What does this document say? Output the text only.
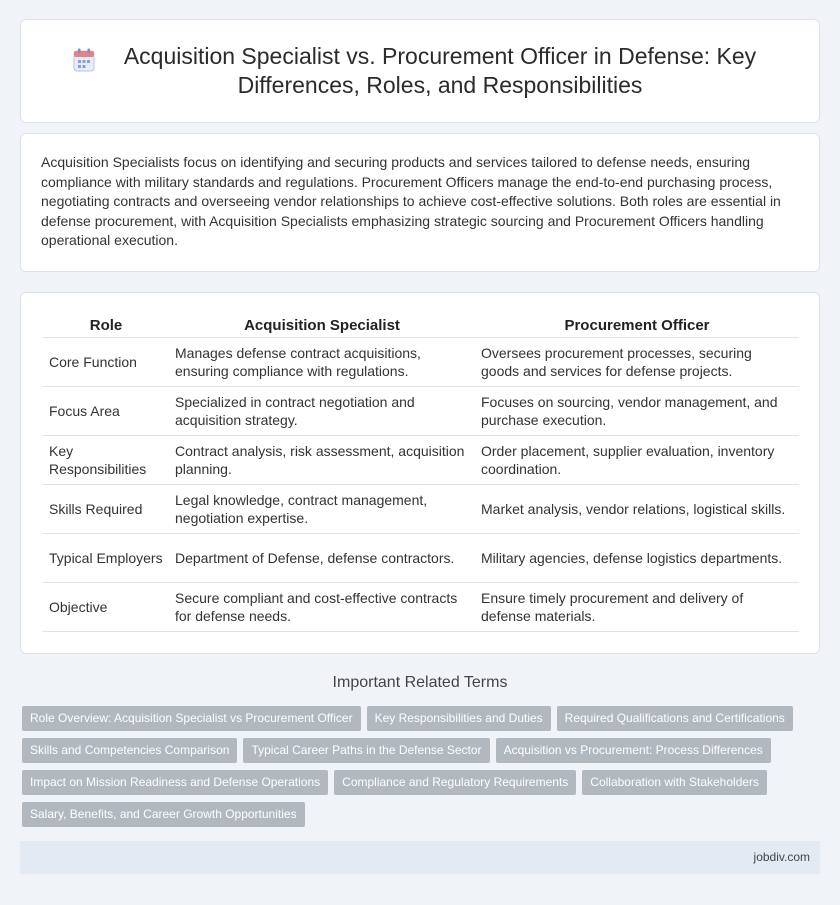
Acquisition Specialist vs. Procurement Officer in Defense: Key Differences, Roles, and Responsibilities

Acquisition Specialists focus on identifying and securing products and services tailored to defense needs, ensuring compliance with military standards and regulations. Procurement Officers manage the end-to-end purchasing process, negotiating contracts and overseeing vendor relationships to achieve cost-effective solutions. Both roles are essential in defense procurement, with Acquisition Specialists emphasizing strategic sourcing and Procurement Officers handling operational execution.

Role	Acquisition Specialist	Procurement Officer
Core Function	Manages defense contract acquisitions, ensuring compliance with regulations.	Oversees procurement processes, securing goods and services for defense projects.
Focus Area	Specialized in contract negotiation and acquisition strategy.	Focuses on sourcing, vendor management, and purchase execution.
Key Responsibilities	Contract analysis, risk assessment, acquisition planning.	Order placement, supplier evaluation, inventory coordination.
Skills Required	Legal knowledge, contract management, negotiation expertise.	Market analysis, vendor relations, logistical skills.
Typical Employers	Department of Defense, defense contractors.	Military agencies, defense logistics departments.
Objective	Secure compliant and cost-effective contracts for defense needs.	Ensure timely procurement and delivery of defense materials.
Important Related Terms
Role Overview: Acquisition Specialist vs Procurement Officer Key Responsibilities and Duties Required Qualifications and Certifications
Skills and Competencies Comparison Typical Career Paths in the Defense Sector Acquisition vs Procurement: Process Differences
Impact on Mission Readiness and Defense Operations Compliance and Regulatory Requirements Collaboration with Stakeholders
Salary, Benefits, and Career Growth Opportunities
jobdiv.com
